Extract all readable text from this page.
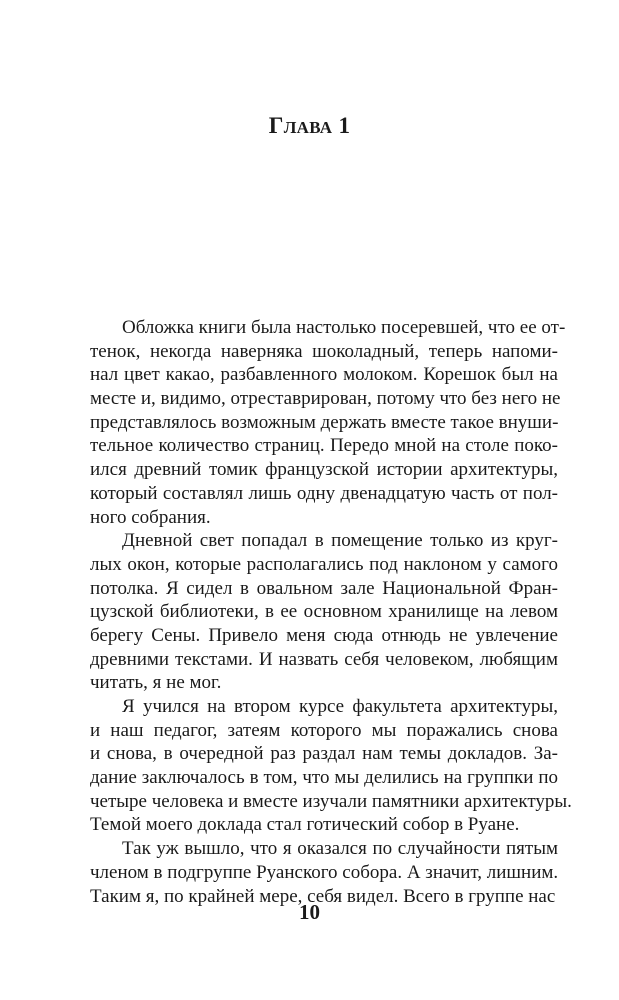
ГЛАВА 1
Обложка книги была настолько посеревшей, что ее от-
тенок, некогда наверняка шоколадный, теперь напоми-
нал цвет какао, разбавленного молоком. Корешок был на
месте и, видимо, отреставрирован, потому что без него не
представлялось возможным держать вместе такое внуши-
тельное количество страниц. Передо мной на столе поко-
ился древний томик французской истории архитектуры,
который составлял лишь одну двенадцатую часть от пол-
ного собрания.
Дневной свет попадал в помещение только из круг-
лых окон, которые располагались под наклоном у самого
потолка. Я сидел в овальном зале Национальной Фран-
цузской библиотеки, в ее основном хранилище на левом
берегу Сены. Привело меня сюда отнюдь не увлечение
древними текстами. И назвать себя человеком, любящим
читать, я не мог.
Я учился на втором курсе факультета архитектуры,
и наш педагог, затеям которого мы поражались снова
и снова, в очередной раз раздал нам темы докладов. За-
дание заключалось в том, что мы делились на группки по
четыре человека и вместе изучали памятники архитектуры.
Темой моего доклада стал готический собор в Руане.
Так уж вышло, что я оказался по случайности пятым
членом в подгруппе Руанского собора. А значит, лишним.
Таким я, по крайней мере, себя видел. Всего в группе нас
10
